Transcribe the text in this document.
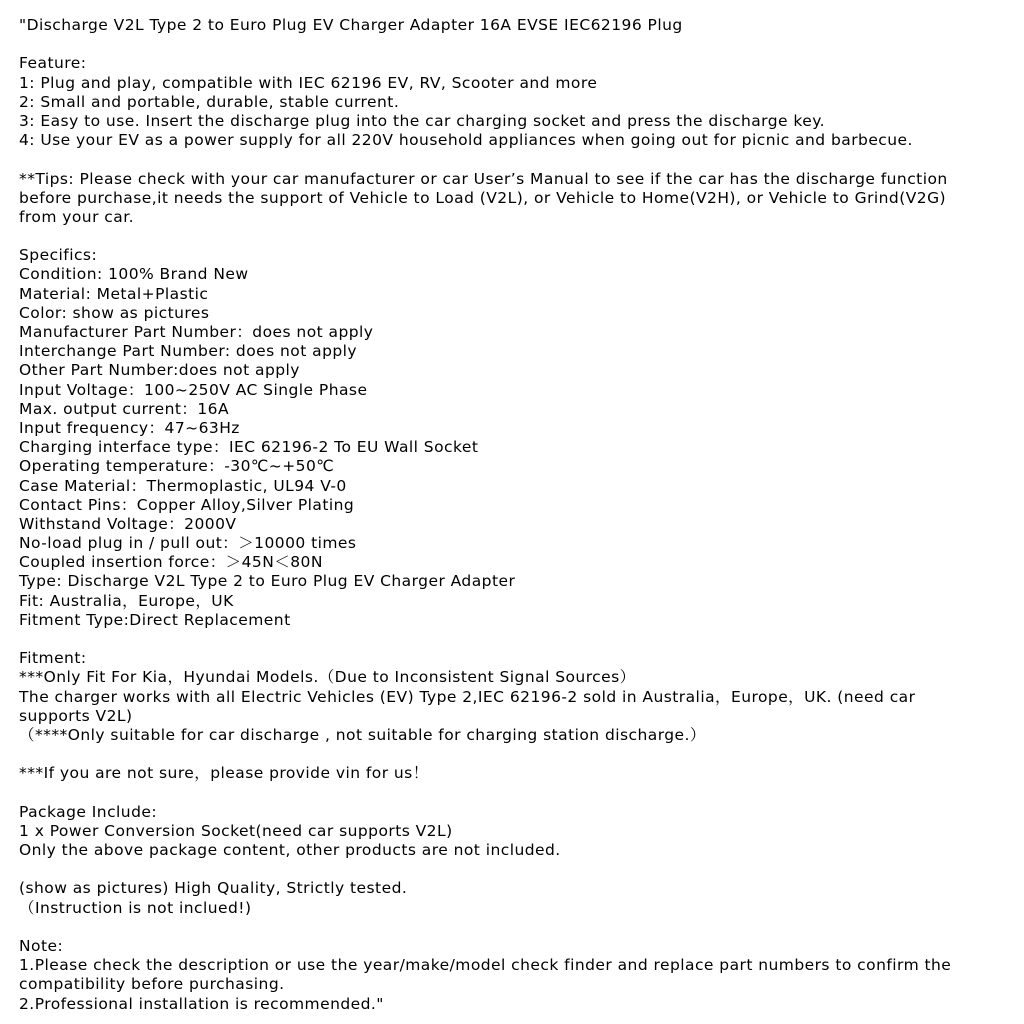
"Discharge V2L Type 2 to Euro Plug EV Charger Adapter 16A EVSE IEC62196 Plug
Feature:
1: Plug and play, compatible with IEC 62196 EV, RV, Scooter and more
2: Small and portable, durable, stable current.
3: Easy to use. Insert the discharge plug into the car charging socket and press the discharge key.
4: Use your EV as a power supply for all 220V household appliances when going out for picnic and barbecue.
**Tips: Please check with your car manufacturer or car User’s Manual to see if the car has the discharge function
before purchase,it needs the support of Vehicle to Load (V2L), or Vehicle to Home(V2H), or Vehicle to Grind(V2G)
from your car.
Specifics:
Condition: 100% Brand New
Material: Metal+Plastic
Color: show as pictures
Manufacturer Part Number：does not apply
Interchange Part Number: does not apply
Other Part Number:does not apply
Input Voltage：100~250V AC Single Phase
Max. output current：16A
Input frequency：47~63Hz
Charging interface type：IEC 62196-2 To EU Wall Socket
Operating temperature：-30℃~+50℃
Case Material：Thermoplastic, UL94 V-0
Contact Pins：Copper Alloy,Silver Plating
Withstand Voltage：2000V
No-load plug in / pull out：＞10000 times
Coupled insertion force：＞45N＜80N
Type: Discharge V2L Type 2 to Euro Plug EV Charger Adapter
Fit: Australia，Europe，UK
Fitment Type:Direct Replacement
Fitment:
***Only Fit For Kia，Hyundai Models.（Due to Inconsistent Signal Sources）
The charger works with all Electric Vehicles (EV) Type 2,IEC 62196-2 sold in Australia，Europe，UK. (need car
supports V2L)
（****Only suitable for car discharge , not suitable for charging station discharge.）
***If you are not sure，please provide vin for us！
Package Include:
1 x Power Conversion Socket(need car supports V2L)
Only the above package content, other products are not included.
(show as pictures) High Quality, Strictly tested.
（Instruction is not inclued!)
Note:
1.Please check the description or use the year/make/model check finder and replace part numbers to confirm the
compatibility before purchasing.
2.Professional installation is recommended."
